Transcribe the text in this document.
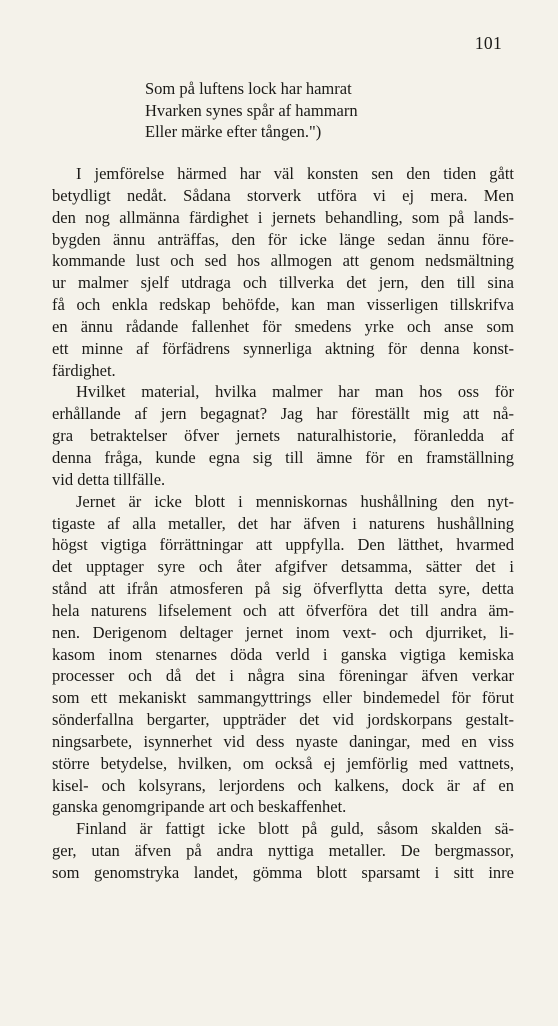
101
Som på luftens lock har hamrat
Hvarken synes spår af hammarn
Eller märke efter tången.")
I jemförelse härmed har väl konsten sen den tiden gått
betydligt nedåt. Sådana storverk utföra vi ej mera. Men
den nog allmänna färdighet i jernets behandling, som på lands-
bygden ännu anträffas, den för icke länge sedan ännu före-
kommande lust och sed hos allmogen att genom nedsmältning
ur malmer sjelf utdraga och tillverka det jern, den till sina
få och enkla redskap behöfde, kan man visserligen tillskrifva
en ännu rådande fallenhet för smedens yrke och anse som
ett minne af förfädrens synnerliga aktning för denna konst-
färdighet.
Hvilket material, hvilka malmer har man hos oss för
erhållande af jern begagnat? Jag har föreställt mig att nå-
gra betraktelser öfver jernets naturalhistorie, föranledda af
denna fråga, kunde egna sig till ämne för en framställning
vid detta tillfälle.
Jernet är icke blott i menniskornas hushållning den nyt-
tigaste af alla metaller, det har äfven i naturens hushållning
högst vigtiga förrättningar att uppfylla. Den lätthet, hvarmed
det upptager syre och åter afgifver detsamma, sätter det i
stånd att ifrån atmosferen på sig öfverflytta detta syre, detta
hela naturens lifselement och att öfverföra det till andra äm-
nen. Derigenom deltager jernet inom vext- och djurriket, li-
kasom inom stenarnes döda verld i ganska vigtiga kemiska
processer och då det i några sina föreningar äfven verkar
som ett mekaniskt sammangyttrings eller bindemedel för förut
sönderfallna bergarter, uppträder det vid jordskorpans gestalt-
ningsarbete, isynnerhet vid dess nyaste daningar, med en viss
större betydelse, hvilken, om också ej jemförlig med vattnets,
kisel- och kolsyrans, lerjordens och kalkens, dock är af en
ganska genomgripande art och beskaffenhet.
Finland är fattigt icke blott på guld, såsom skalden sä-
ger, utan äfven på andra nyttiga metaller. De bergmassor,
som genomstryka landet, gömma blott sparsamt i sitt inre
